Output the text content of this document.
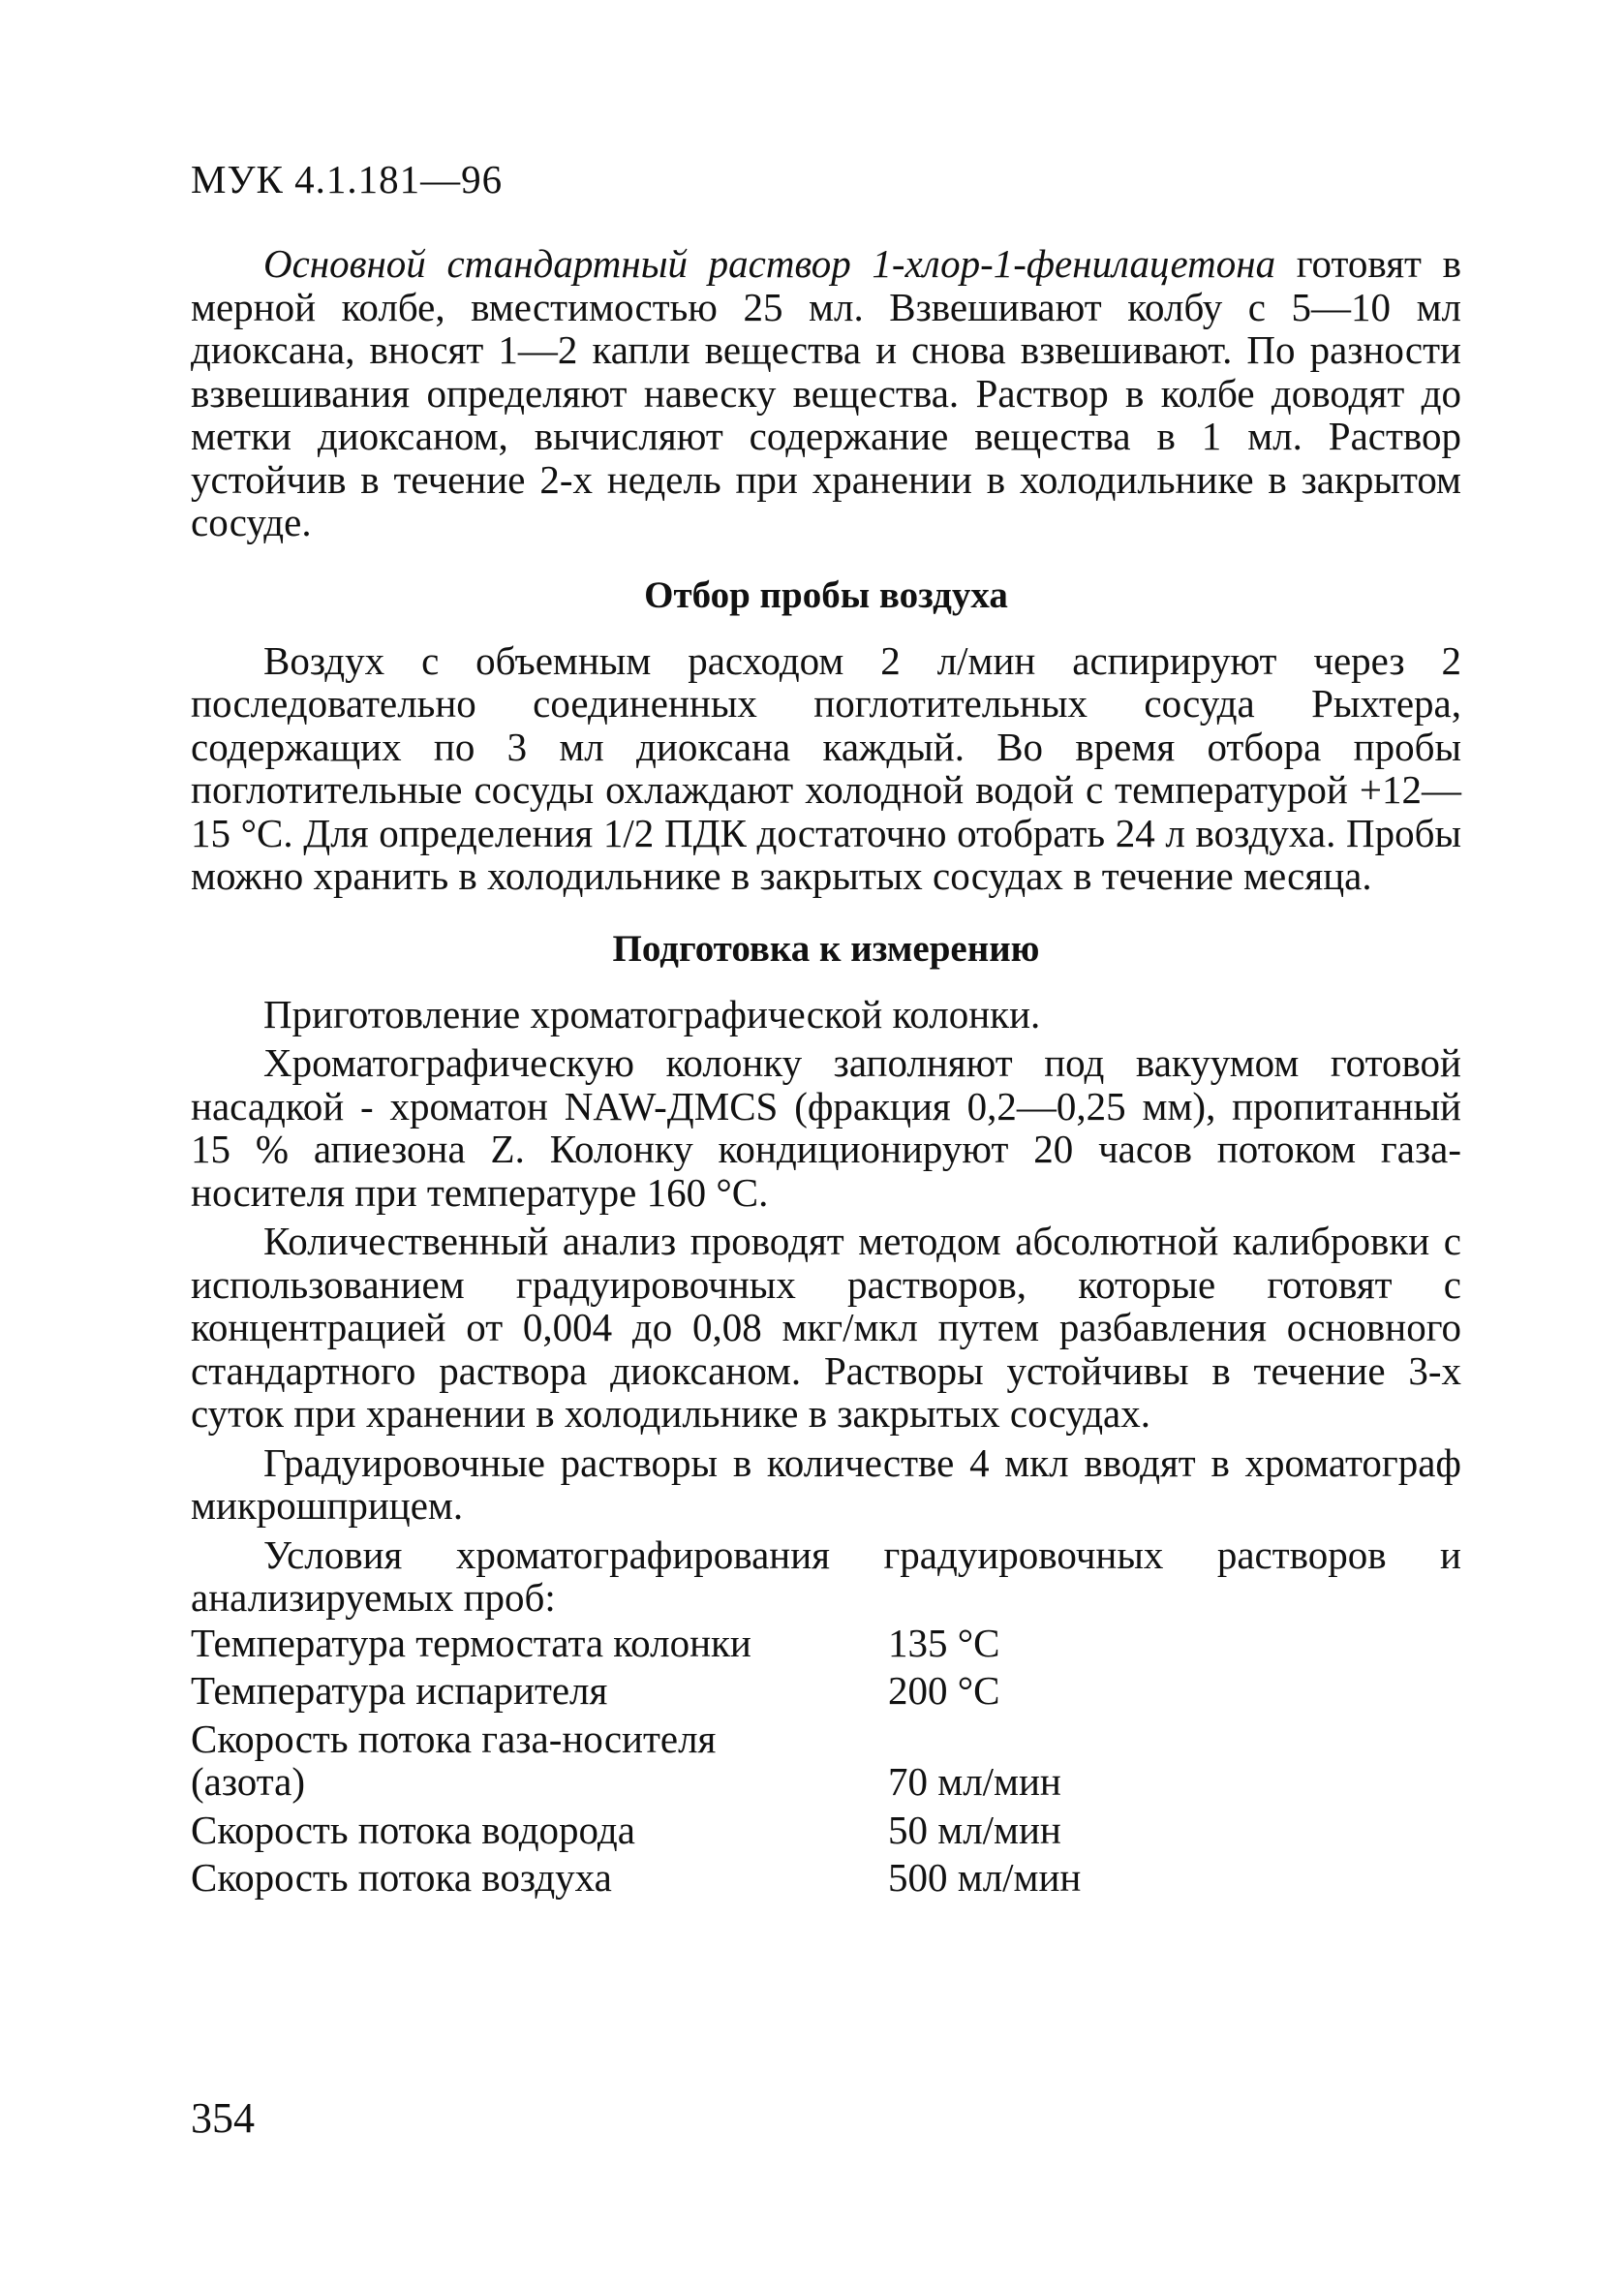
МУК 4.1.181—96

Основной стандартный раствор 1-хлор-1-фенилацетона готовят в мерной колбе, вместимостью 25 мл. Взвешивают колбу с 5—10 мл диоксана, вносят 1—2 капли вещества и снова взвешивают. По разности взвешивания определяют навеску вещества. Раствор в колбе доводят до метки диоксаном, вычисляют содержание вещества в 1 мл. Раствор устойчив в течение 2-х недель при хранении в холодильнике в закрытом сосуде.

Отбор пробы воздуха

Воздух с объемным расходом 2 л/мин аспирируют через 2 последовательно соединенных поглотительных сосуда Рыхтера, содержащих по 3 мл диоксана каждый. Во время отбора пробы поглотительные сосуды охлаждают холодной водой с температурой +12—15 °С. Для определения 1/2 ПДК достаточно отобрать 24 л воздуха. Пробы можно хранить в холодильнике в закрытых сосудах в течение месяца.

Подготовка к измерению

Приготовление хроматографической колонки.

Хроматографическую колонку заполняют под вакуумом готовой насадкой - хроматон NAW-ДМCS (фракция 0,2—0,25 мм), пропитанный 15 % апиезона Z. Колонку кондиционируют 20 часов потоком газа-носителя при температуре 160 °С.

Количественный анализ проводят методом абсолютной калибровки с использованием градуировочных растворов, которые готовят с концентрацией от 0,004 до 0,08 мкг/мкл путем разбавления основного стандартного раствора диоксаном. Растворы устойчивы в течение 3-х суток при хранении в холодильнике в закрытых сосудах.

Градуировочные растворы в количестве 4 мкл вводят в хроматограф микрошприцем.

Условия хроматографирования градуировочных растворов и анализируемых проб:

Температура термостата колонки	135 °С
Температура испарителя	200 °С
Скорость потока газа-носителя (азота)	70 мл/мин
Скорость потока водорода	50 мл/мин
Скорость потока воздуха	500 мл/мин
354
